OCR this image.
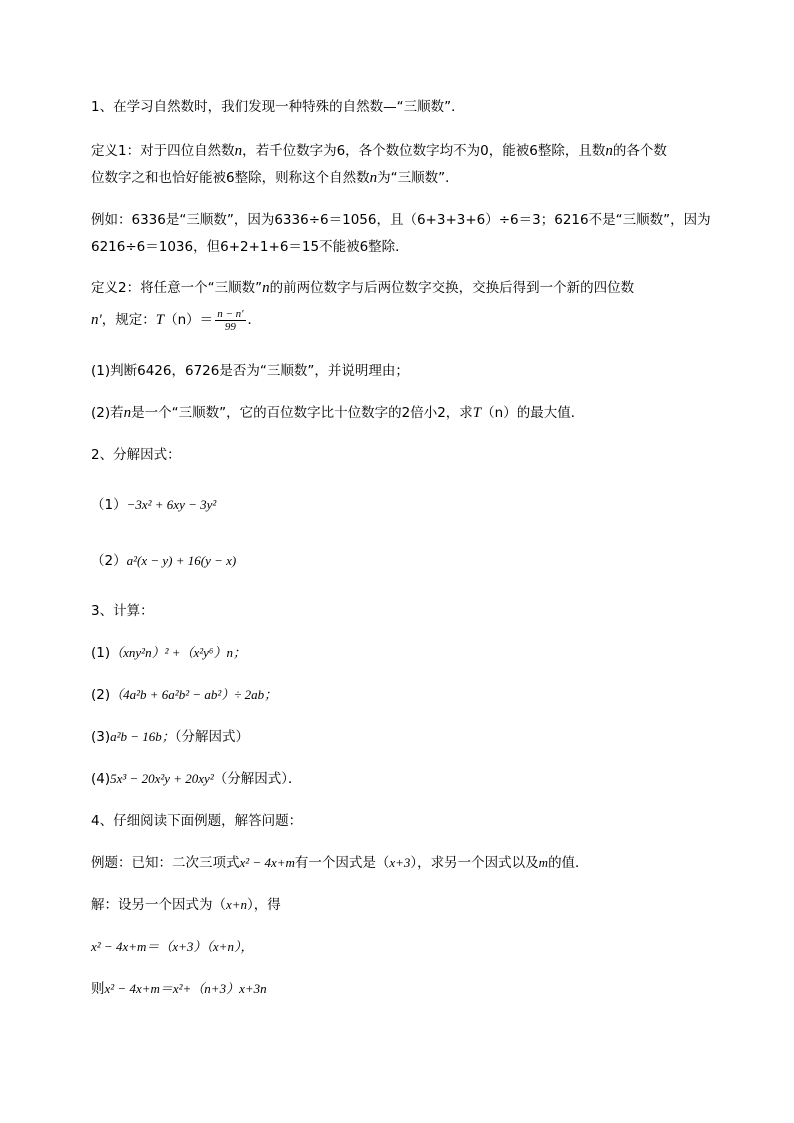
1、在学习自然数时，我们发现一种特殊的自然数—“三顺数”．
定义1：对于四位自然数n，若千位数字为6，各个数位数字均不为0，能被6整除，且数n的各个数
位数字之和也恰好能被6整除，则称这个自然数n为“三顺数”．
例如：6336是“三顺数”，因为6336÷6＝1056，且（6+3+3+6）÷6＝3；6216不是“三顺数”，因为
6216÷6＝1036，但6+2+1+6＝15不能被6整除．
定义2：将任意一个“三顺数”n的前两位数字与后两位数字交换，交换后得到一个新的四位数
n′，规定：$T(n)= \frac{n - n'}{99}$ ．
(1)判断6426，6726是否为“三顺数”，并说明理由；
(2)若n是一个“三顺数”，它的百位数字比十位数字的2倍小2，求T（n）的最大值．
2、分解因式：
（1）−3x² + 6xy − 3y²
（2）a²(x − y) + 16(y − x)
3、计算：
(1)（xny²n）² +（x²y⁶）n；
(2)（4a²b + 6a²b² − ab²）÷ 2ab；
(3)a²b − 16b；（分解因式）
(4)5x³ − 20x²y + 20xy²（分解因式）．
4、仔细阅读下面例题，解答问题：
例题：已知：二次三项式x² − 4x+m有一个因式是（x+3），求另一个因式以及m的值．
解：设另一个因式为（x+n），得
x² − 4x+m＝（x+3）（x+n），
则x² − 4x+m＝x²+（n+3）x+3n
